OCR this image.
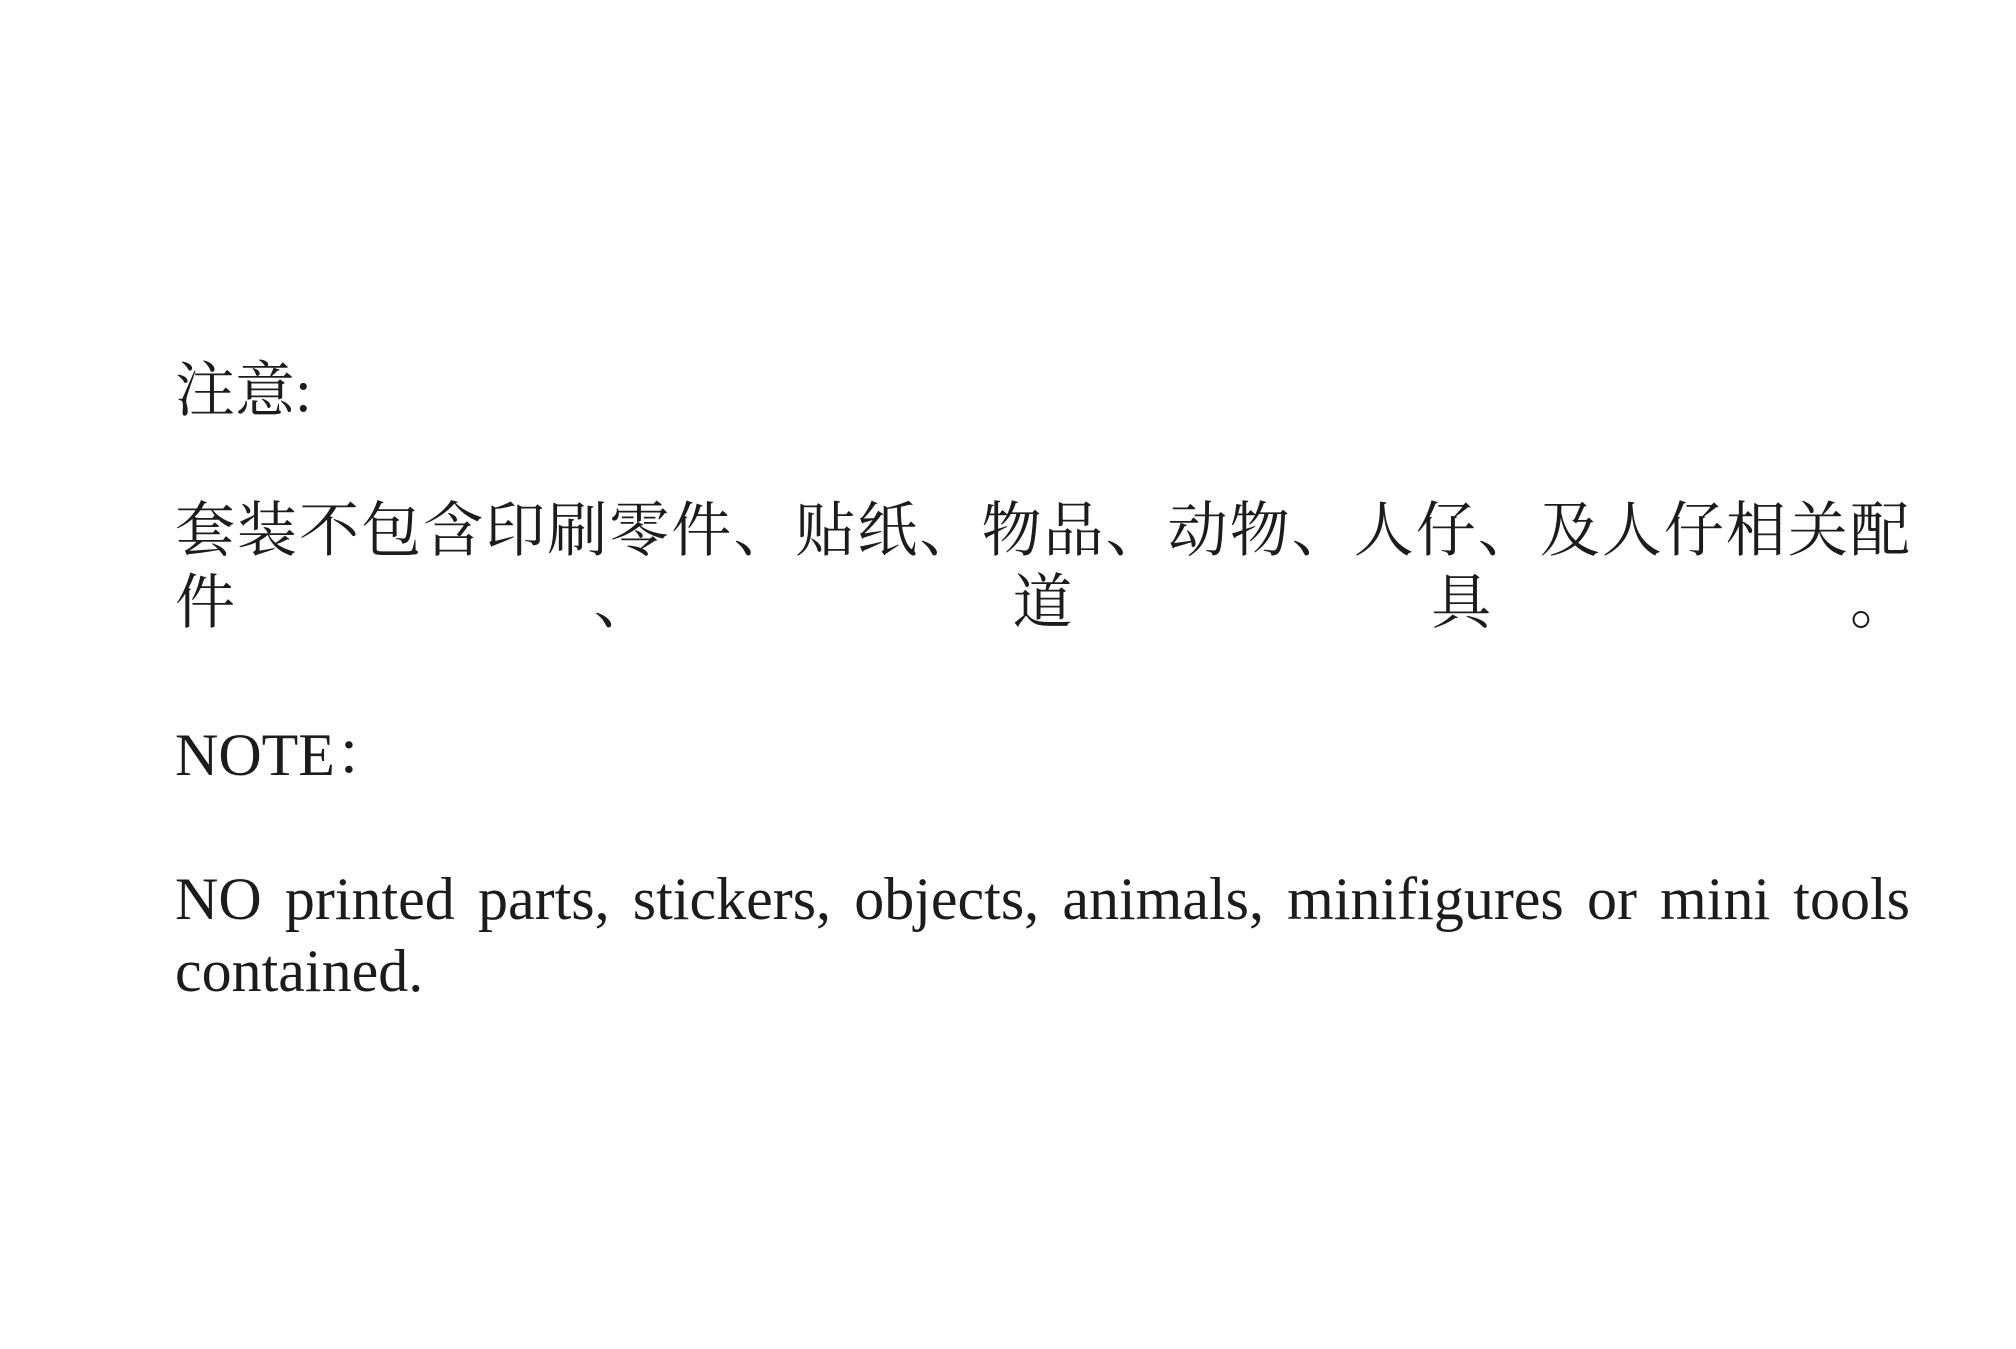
注意:

套装不包含印刷零件、贴纸、物品、动物、人仔、及人仔相关配件、道具。

NOTE：

NO printed parts, stickers, objects, animals, minifigures or mini tools contained.
